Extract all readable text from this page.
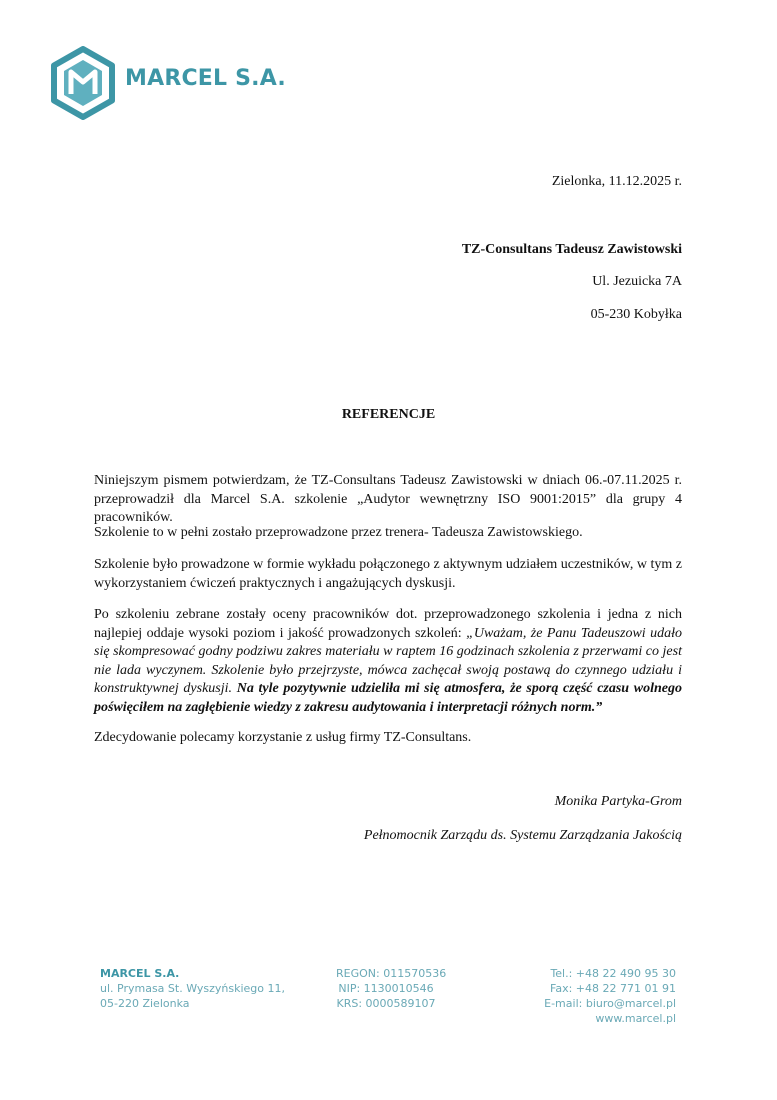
MARCEL S.A.
Zielonka, 11.12.2025 r.
TZ-Consultans Tadeusz Zawistowski
Ul. Jezuicka 7A
05-230 Kobyłka
REFERENCJE
Niniejszym pismem potwierdzam, że TZ-Consultans Tadeusz Zawistowski w dniach 06.-07.11.2025 r. przeprowadził dla Marcel S.A. szkolenie „Audytor wewnętrzny ISO 9001:2015” dla grupy 4 pracowników.
Szkolenie to w pełni zostało przeprowadzone przez trenera- Tadeusza Zawistowskiego.
Szkolenie było prowadzone w formie wykładu połączonego z aktywnym udziałem uczestników, w tym z wykorzystaniem ćwiczeń praktycznych i angażujących dyskusji.
Po szkoleniu zebrane zostały oceny pracowników dot. przeprowadzonego szkolenia i jedna z nich najlepiej oddaje wysoki poziom i jakość prowadzonych szkoleń: „Uważam, że Panu Tadeuszowi udało się skompresować godny podziwu zakres materiału w raptem 16 godzinach szkolenia z przerwami co jest nie lada wyczynem. Szkolenie było przejrzyste, mówca zachęcał swoją postawą do czynnego udziału i konstruktywnej dyskusji. Na tyle pozytywnie udzieliła mi się atmosfera, że sporą część czasu wolnego poświęciłem na zagłębienie wiedzy z zakresu audytowania i interpretacji różnych norm.”
Zdecydowanie polecamy korzystanie z usług firmy TZ-Consultans.
Monika Partyka-Grom
Pełnomocnik Zarządu ds. Systemu Zarządzania Jakością
MARCEL S.A.
ul. Prymasa St. Wyszyńskiego 11,
05-220 Zielonka
REGON: 011570536
NIP: 1130010546
KRS: 0000589107
Tel.: +48 22 490 95 30
Fax: +48 22 771 01 91
E-mail: biuro@marcel.pl
www.marcel.pl
